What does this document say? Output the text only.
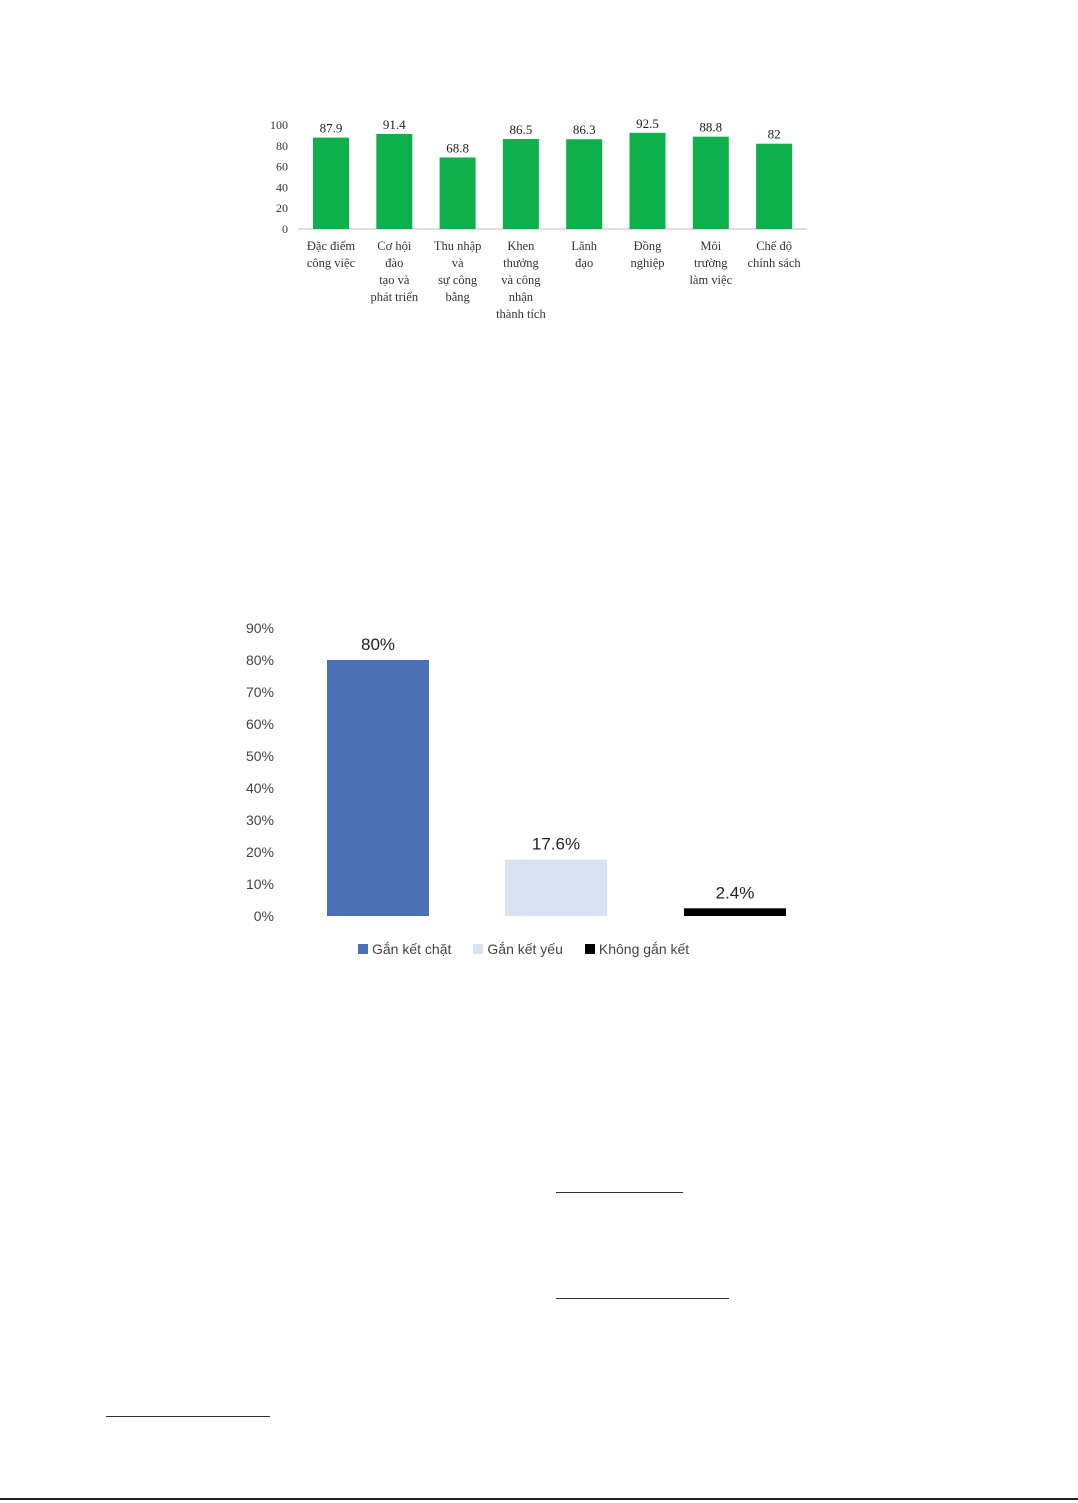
0
20
40
60
80
100 87.9
Đặc điểm công việc
91.4
Cơ hội đào tạo và phát triển
68.8
Thu nhập và sự công bằng
86.5
Khen thưởng và công nhận thành tích
86.3
Lãnh đạo
92.5
Đồng nghiệp
88.8
Môi trường làm việc
82
Chế độ chính sách
0%
10%
20%
30%
40%
50%
60%
70%
80%
90%
80%
17.6%
2.4%
Gắn kết chặt	Gắn kết yếu	Không gắn kết
